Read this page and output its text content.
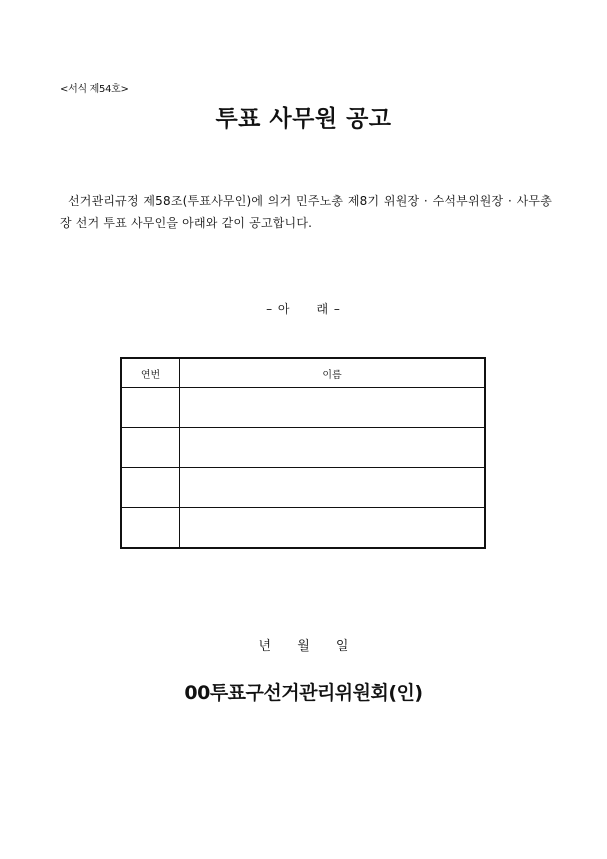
<서식 제54호>
투표 사무원 공고
선거관리규정 제58조(투표사무인)에 의거 민주노총 제8기 위원장 · 수석부위원장 · 사무총장 선거 투표 사무인을 아래와 같이 공고합니다.
– 아　　래 –
연번	이름

년 월 일
00투표구선거관리위원회(인)
